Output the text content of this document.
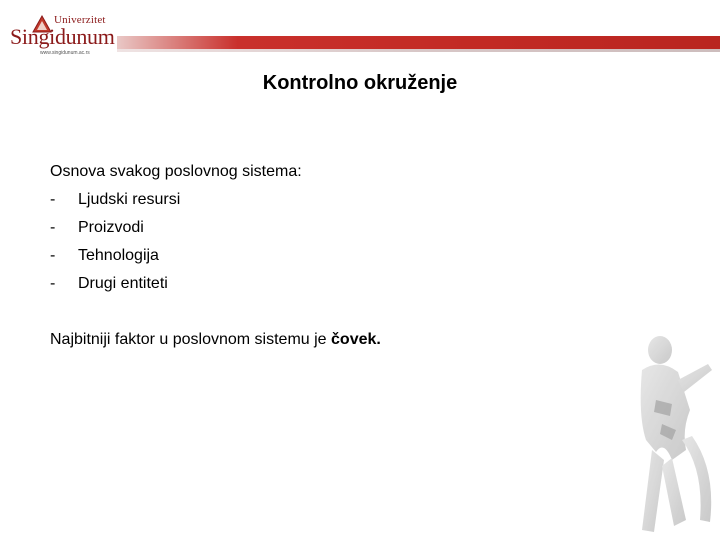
Univerzitet
Singidunum
www.singidunum.ac.rs
Kontrolno okruženje

Osnova svakog poslovnog sistema:

-	Ljudski resursi
-	Proizvodi
-	Tehnologija
-	Drugi entiteti

Najbitniji faktor u poslovnom sistemu je čovek.
